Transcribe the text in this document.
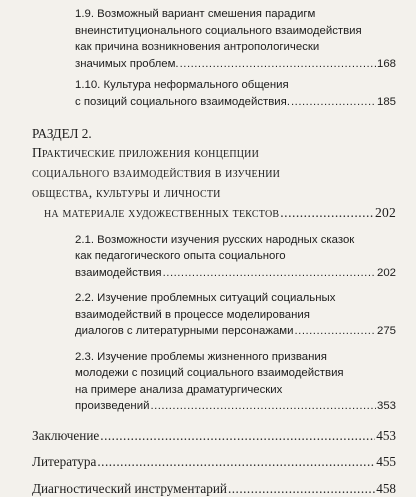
1.9. Возможный вариант смешения парадигм
внеинституционального социального взаимодействия
как причина возникновения антропологически
значимых проблем. .....	168
1.10. Культура неформального общения
с позиций социального взаимодействия. .....	185
РАЗДЕЛ 2.
Практические приложения концепции
социального взаимодействия в изучении
общества, культуры и личности
на материале художественных текстов .....	202
2.1. Возможности изучения русских народных сказок
как педагогического опыта социального
взаимодействия .....	202
2.2. Изучение проблемных ситуаций социальных
взаимодействий в процессе моделирования
диалогов с литературными персонажами .....	275
2.3. Изучение проблемы жизненного призвания
молодежи с позиций социального взаимодействия
на примере анализа драматургических
произведений .....	353
Заключение .....	453
Литература .....	455
Диагностический инструментарий .....	458
